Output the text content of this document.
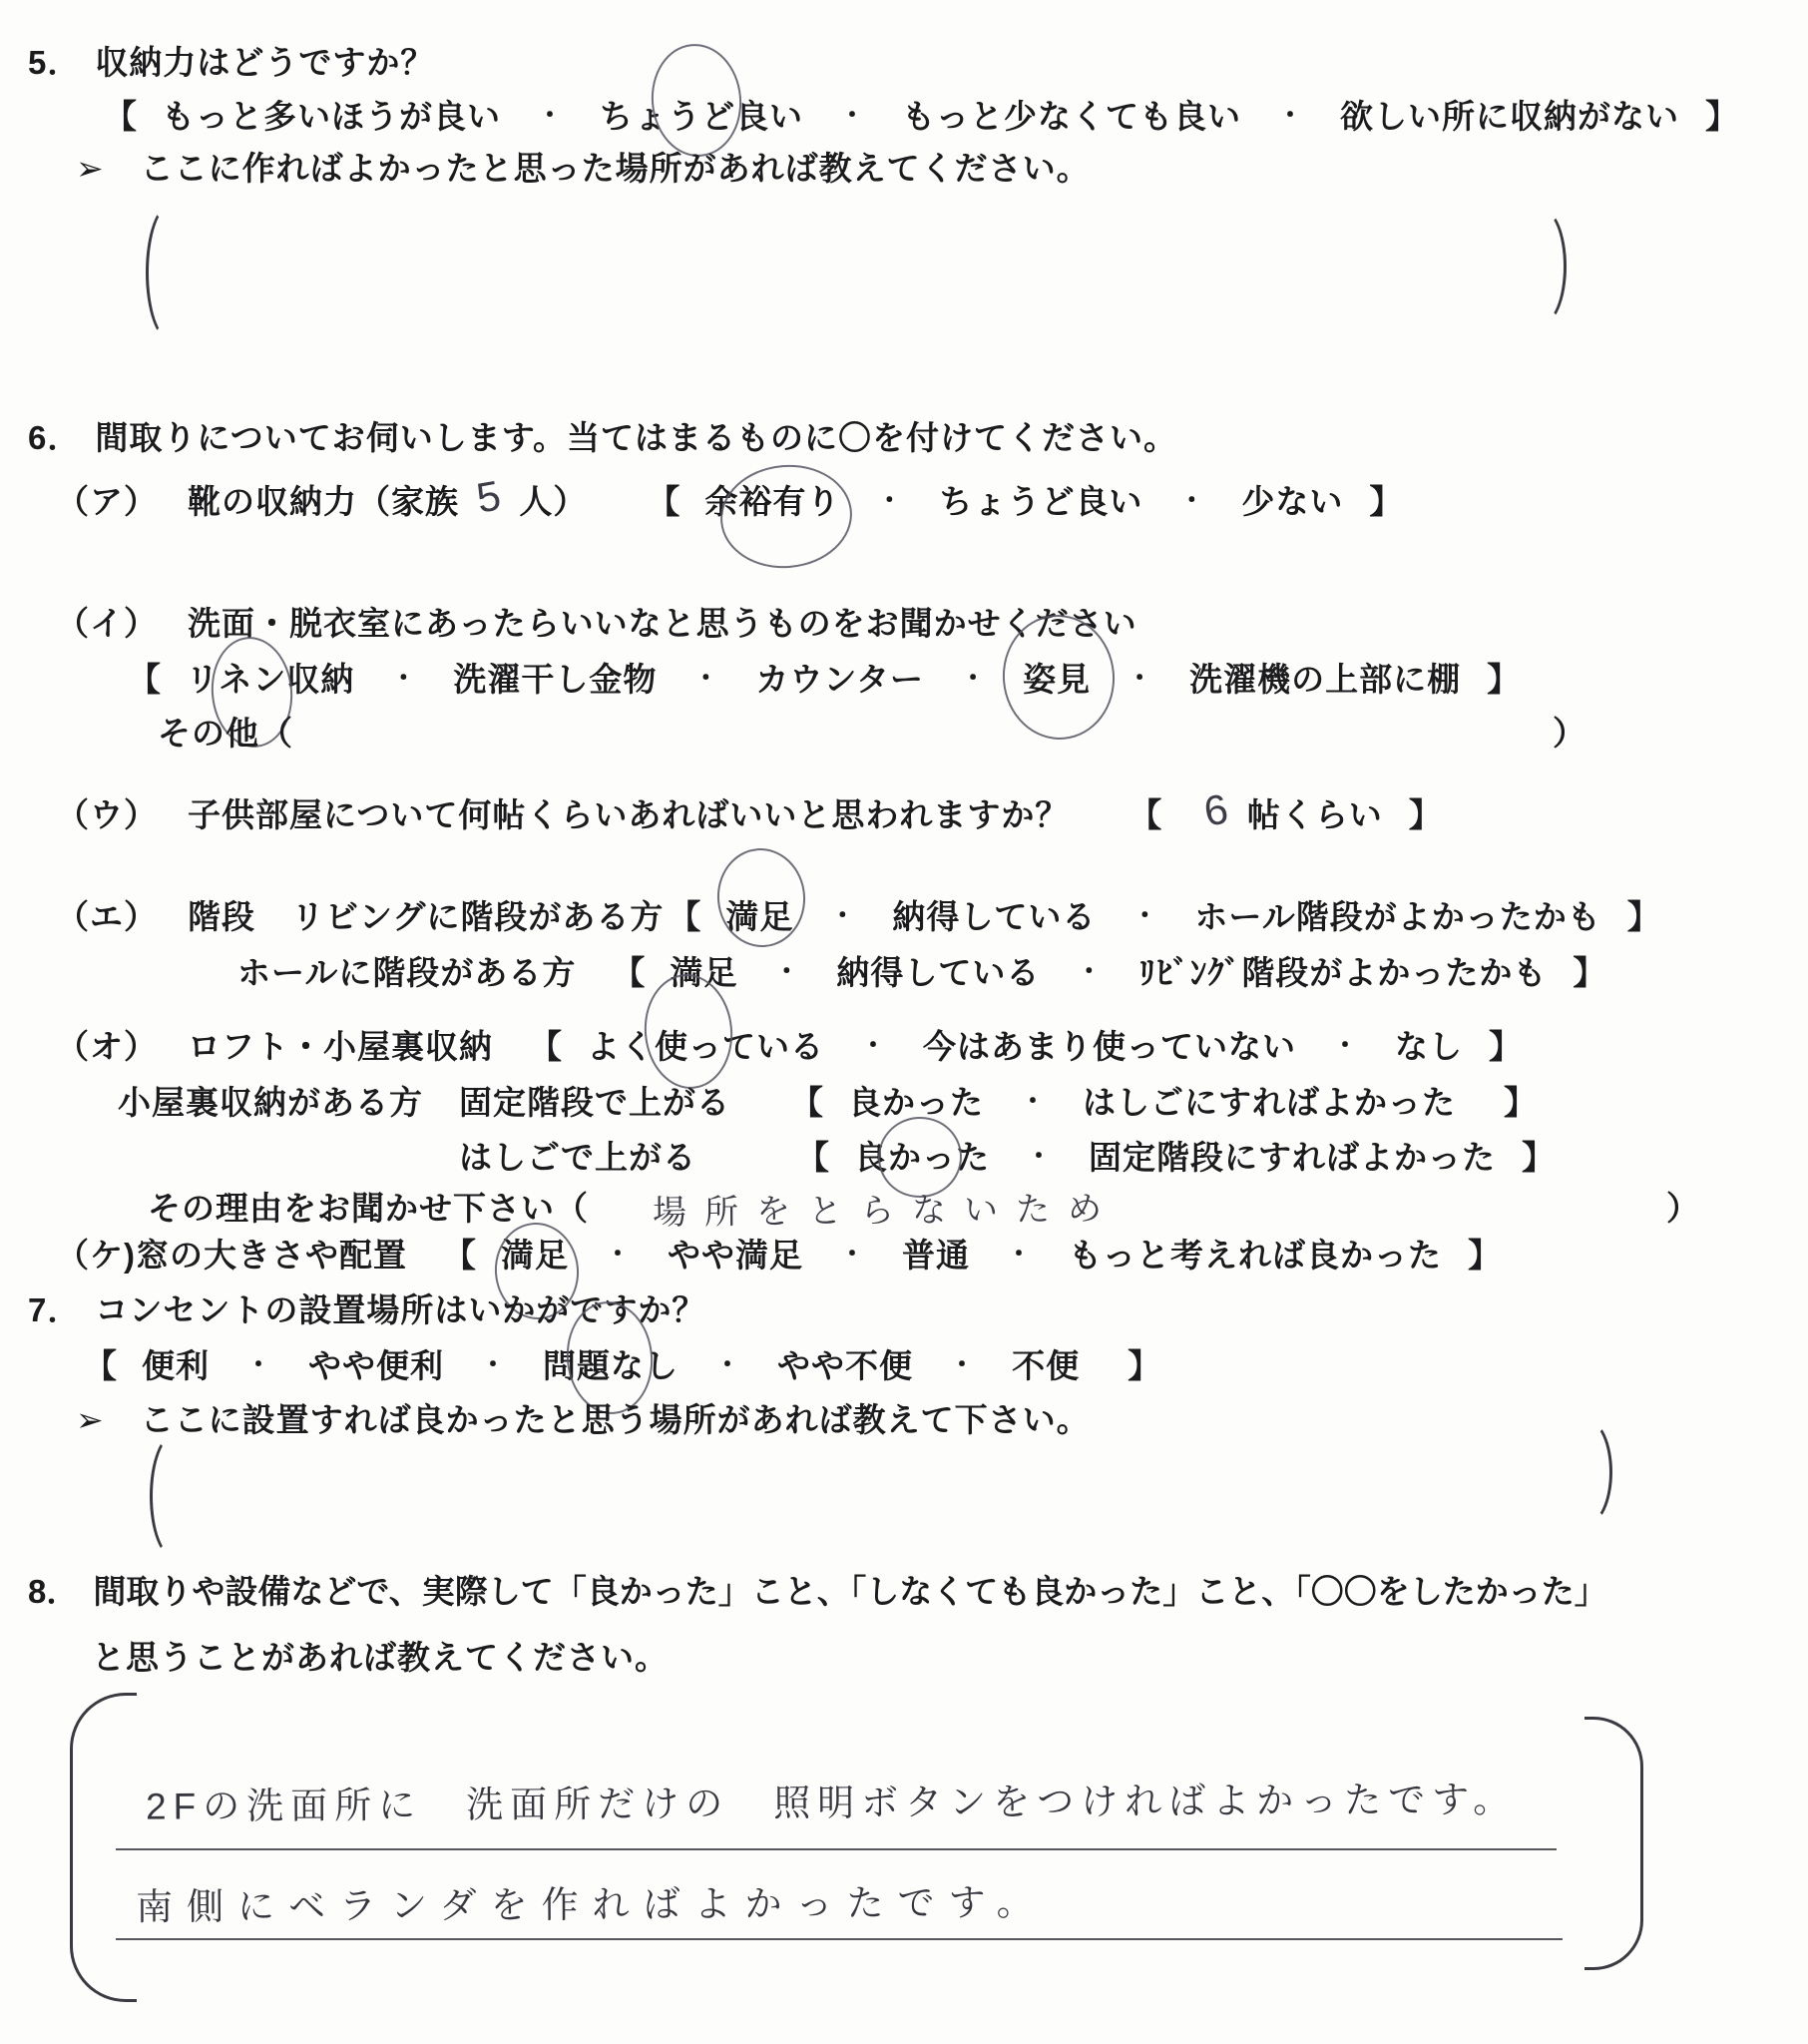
5． 収納力はどうですか？
【 もっと多いほうが良い ・ ちょうど良い ・ もっと少なくても良い ・ 欲しい所に収納がない 】
➢ ここに作ればよかったと思った場所があれば教えてください。
6． 間取りについてお伺いします。当てはまるものに〇を付けてください。
（ア） 靴の収納力（家族 5 人） 【 余裕有り ・ ちょうど良い ・ 少ない 】
（イ） 洗面・脱衣室にあったらいいなと思うものをお聞かせください
【 リネン収納 ・ 洗濯干し金物 ・ カウンター ・ 姿見 ・ 洗濯機の上部に棚 】
その他（	）
（ウ） 子供部屋について何帖くらいあればいいと思われますか？ 【 6 帖くらい 】
（エ） 階段 リビングに階段がある方 【 満足 ・ 納得している ・ ホール階段がよかったかも 】
ホールに階段がある方 【 満足 ・ 納得している ・ ﾘﾋﾞﾝｸﾞ階段がよかったかも 】
（オ） ロフト・小屋裏収納 【 よく使っている ・ 今はあまり使っていない ・ なし 】
小屋裏収納がある方 固定階段で上がる 【 良かった ・ はしごにすればよかった 】
はしごで上がる	【 良かった ・ 固定階段にすればよかった 】
その理由をお聞かせ下さい（ 場所をとらないため	）
（ケ) 窓の大きさや配置 【 満足 ・ やや満足 ・ 普通 ・ もっと考えれば良かった 】
7． コンセントの設置場所はいかがですか？
【 便利 ・ やや便利 ・ 問題なし ・ やや不便 ・ 不便 】
➢ ここに設置すれば良かったと思う場所があれば教えて下さい。
8． 間取りや設備などで、実際して「良かった」こと、「しなくても良かった」こと、「〇〇をしたかった」
と思うことがあれば教えてください。
2Fの洗面所に　洗面所だけの　照明ボタンをつければよかったです。
南側にベランダを作ればよかったです。
